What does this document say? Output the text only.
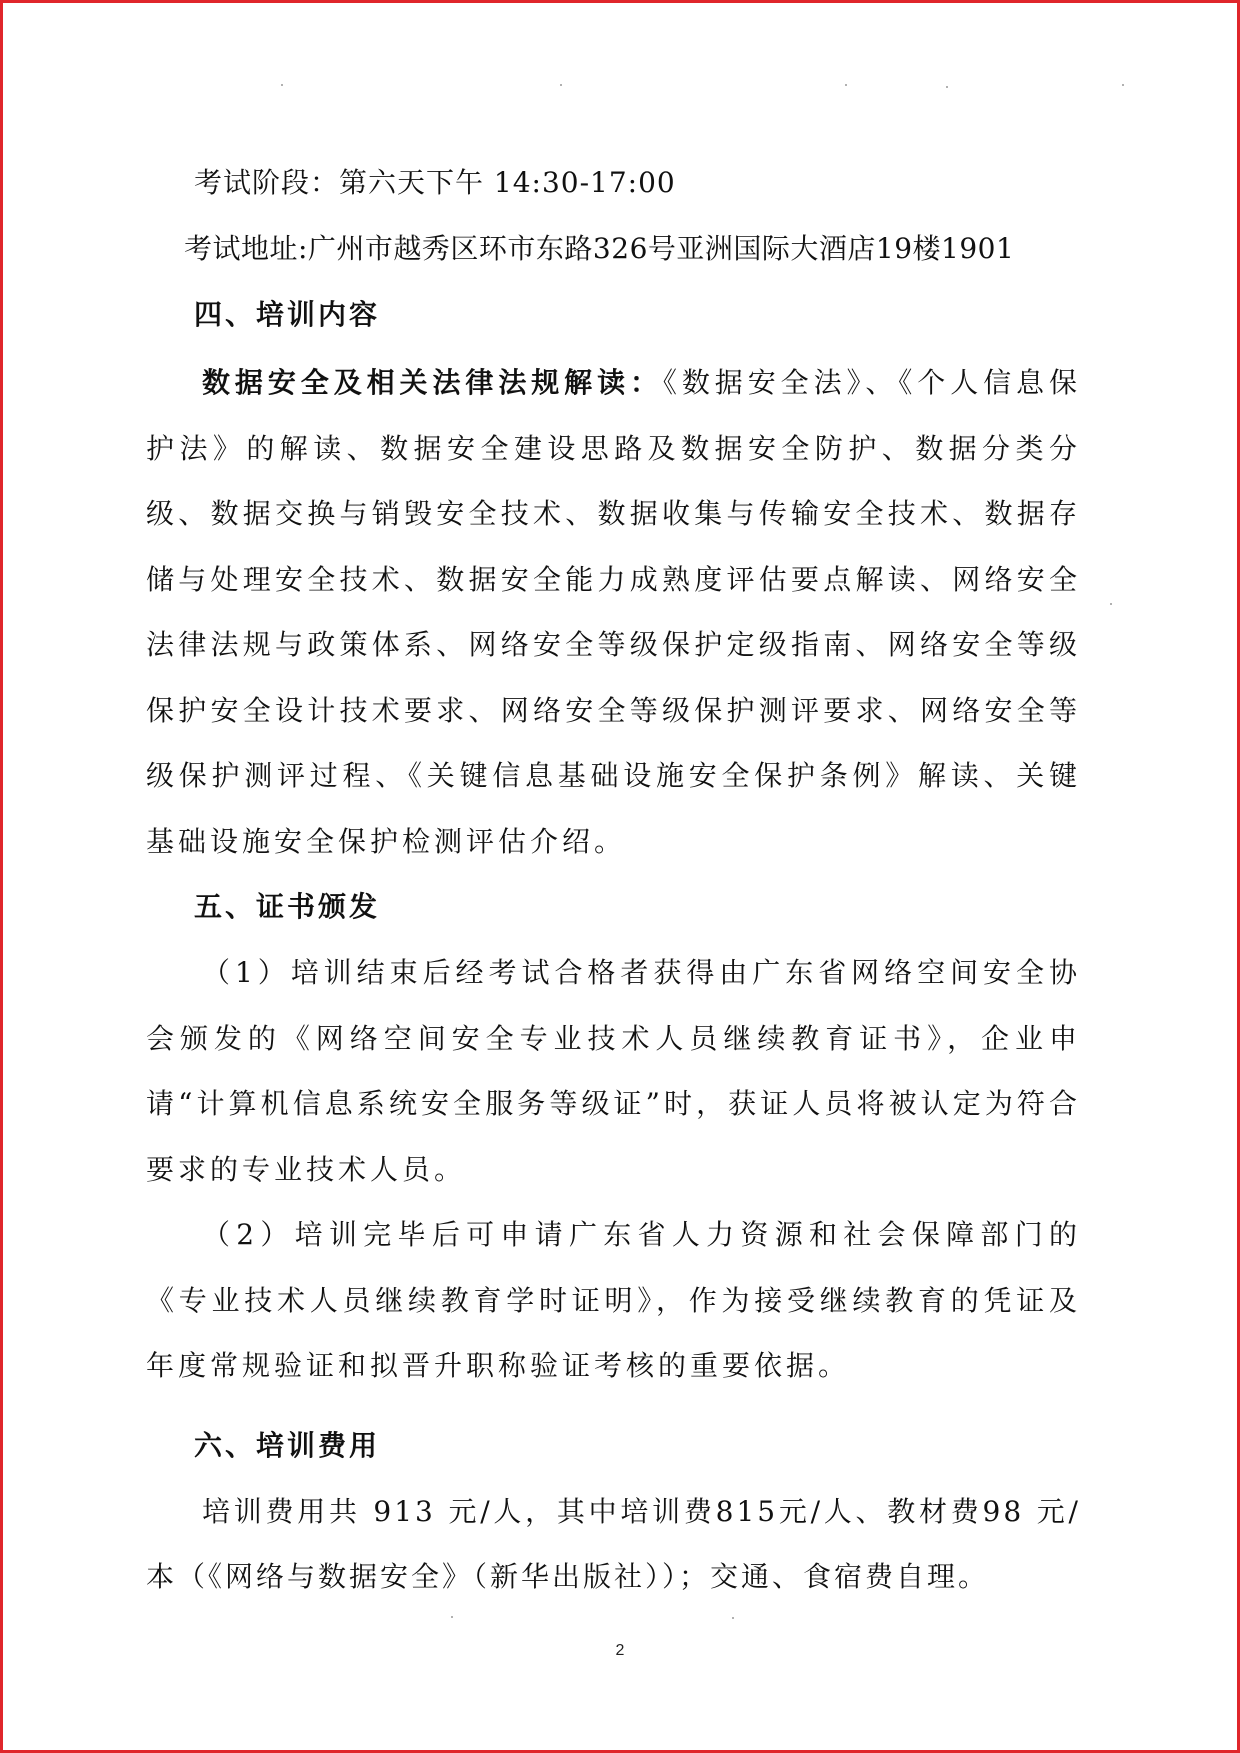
考试阶段：第六天下午 14:30-17:00
考试地址:广州市越秀区环市东路326号亚洲国际大酒店19楼1901
四、培训内容

数据安全及相关法律法规解读：《数据安全法》、《个人信息保护法》的解读、数据安全建设思路及数据安全防护、数据分类分级、数据交换与销毁安全技术、数据收集与传输安全技术、数据存储与处理安全技术、数据安全能力成熟度评估要点解读、网络安全法律法规与政策体系、网络安全等级保护定级指南、网络安全等级保护安全设计技术要求、网络安全等级保护测评要求、网络安全等级保护测评过程、《关键信息基础设施安全保护条例》解读、关键基础设施安全保护检测评估介绍。

五、证书颁发

（1）培训结束后经考试合格者获得由广东省网络空间安全协会颁发的《网络空间安全专业技术人员继续教育证书》，企业申请“计算机信息系统安全服务等级证”时，获证人员将被认定为符合要求的专业技术人员。

（2）培训完毕后可申请广东省人力资源和社会保障部门的《专业技术人员继续教育学时证明》，作为接受继续教育的凭证及年度常规验证和拟晋升职称验证考核的重要依据。

六、培训费用

培训费用共 913 元/人，其中培训费815元/人、教材费98 元/本（《网络与数据安全》（新华出版社））；交通、食宿费自理。

2
